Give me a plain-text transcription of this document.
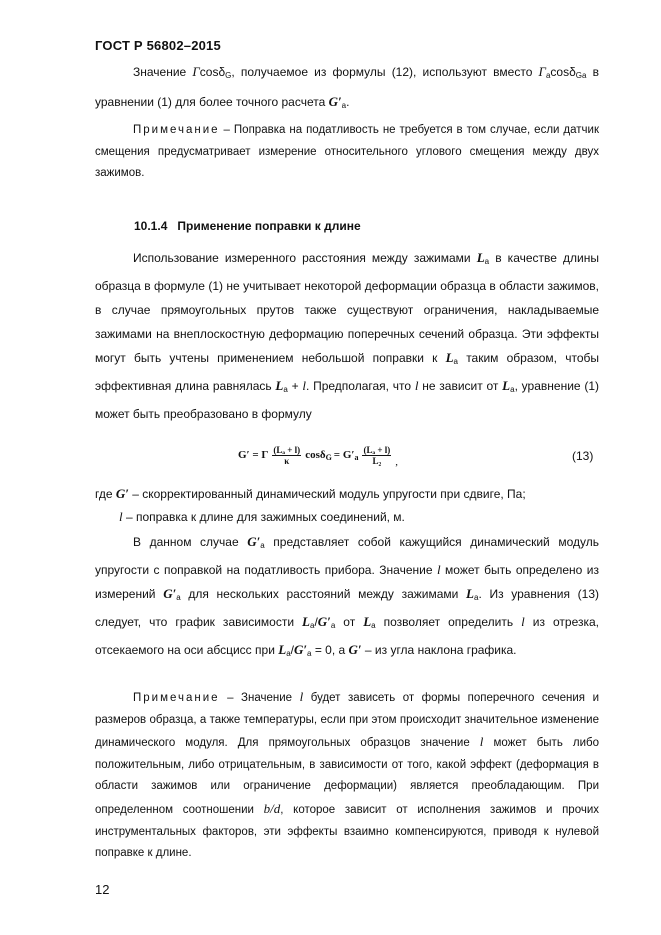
ГОСТ Р 56802–2015
Значение Γcosδ$_G$, получаемое из формулы (12), используют вместо $\Gamma_a\cos\delta_{Ga}$ в уравнении (1) для более точного расчета $G'_a$.
Примечание – Поправка на податливость не требуется в том случае, если датчик смещения предусматривает измерение относительного углового смещения между двух зажимов.
10.1.4 Применение поправки к длине
Использование измеренного расстояния между зажимами $L_a$ в качестве длины образца в формуле (1) не учитывает некоторой деформации образца в области зажимов, в случае прямоугольных прутов также существуют ограничения, накладываемые зажимами на внеплоскостную деформацию поперечных сечений образца. Эти эффекты могут быть учтены применением небольшой поправки к $L_a$ таким образом, чтобы эффективная длина равнялась $L_a + l$. Предполагая, что l не зависит от $L_a$, уравнение (1) может быть преобразовано в формулу
G′ = Γ $\frac{\text{(Lₐ + l)}}{\kappa} \cos\delta_G = G'_a \frac{\text{(Lₐ + l)}}{\text{L₂}}$ ,	(13)
где G′ – скорректированный динамический модуль упругости при сдвиге, Па;
l – поправка к длине для зажимных соединений, м.
В данном случае $G'_a$ представляет собой кажущийся динамический модуль упругости с поправкой на податливость прибора. Значение l может быть определено из измерений $G'_a$ для нескольких расстояний между зажимами $L_a$. Из уравнения (13) следует, что график зависимости $L_a/G'_a$ от $L_a$ позволяет определить l из отрезка, отсекаемого на оси абсцисс при $L_a/G'_a = 0$, а G′ – из угла наклона графика.
Примечание – Значение l будет зависеть от формы поперечного сечения и размеров образца, а также температуры, если при этом происходит значительное изменение динамического модуля. Для прямоугольных образцов значение l может быть либо положительным, либо отрицательным, в зависимости от того, какой эффект (деформация в области зажимов или ограничение деформации) является преобладающим. При определенном соотношении b/d, которое зависит от исполнения зажимов и прочих инструментальных факторов, эти эффекты взаимно компенсируются, приводя к нулевой поправке к длине.
12
